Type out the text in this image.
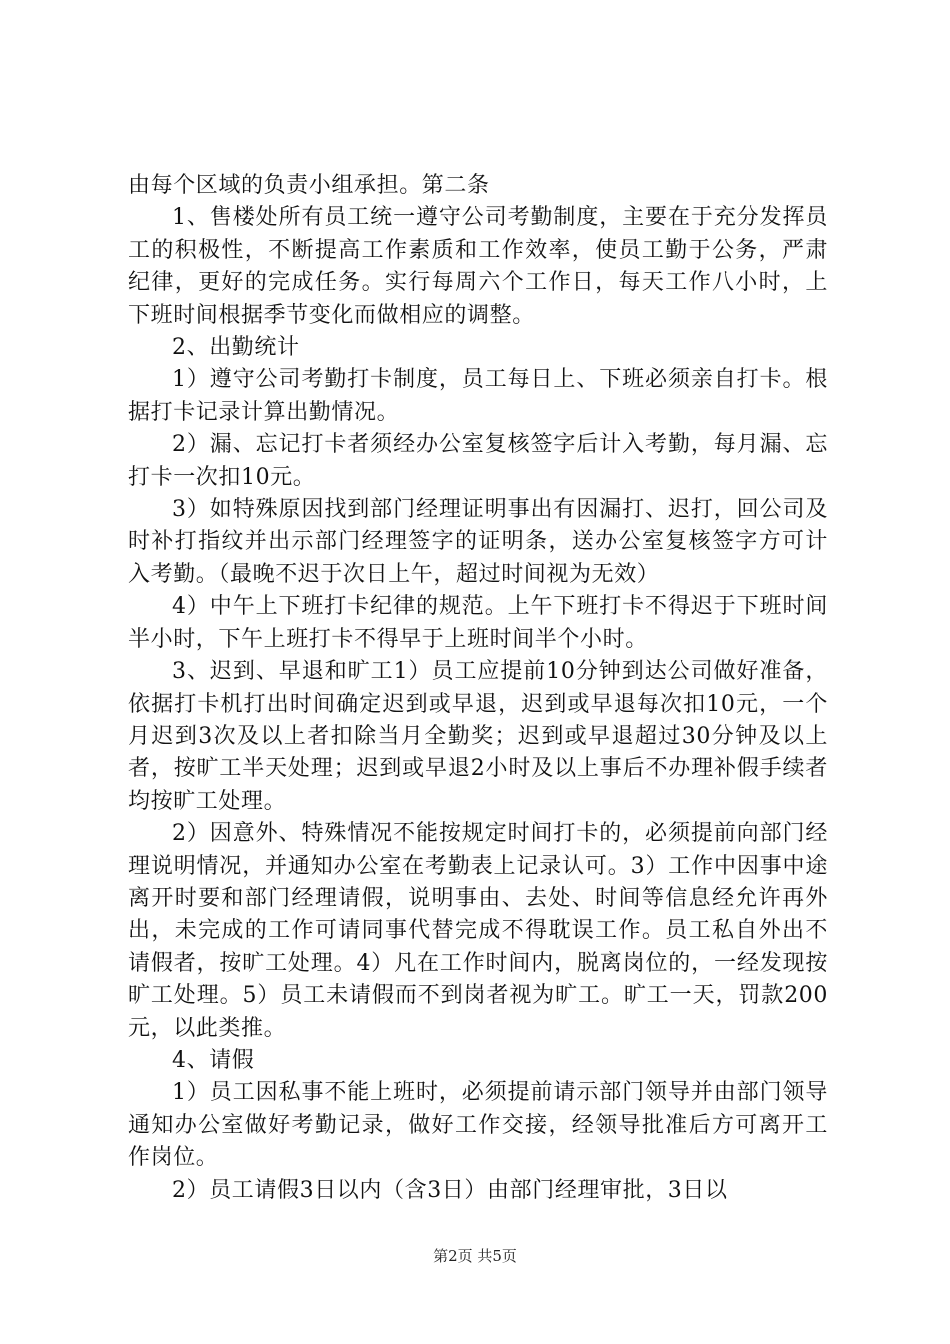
由每个区域的负责小组承担。第二条

1、售楼处所有员工统一遵守公司考勤制度，主要在于充分发挥员工的积极性，不断提高工作素质和工作效率，使员工勤于公务，严肃纪律，更好的完成任务。实行每周六个工作日，每天工作八小时，上下班时间根据季节变化而做相应的调整。

2、出勤统计

1）遵守公司考勤打卡制度，员工每日上、下班必须亲自打卡。根据打卡记录计算出勤情况。

2）漏、忘记打卡者须经办公室复核签字后计入考勤，每月漏、忘打卡一次扣10元。

3）如特殊原因找到部门经理证明事出有因漏打、迟打，回公司及时补打指纹并出示部门经理签字的证明条，送办公室复核签字方可计入考勤。（最晚不迟于次日上午，超过时间视为无效）

4）中午上下班打卡纪律的规范。上午下班打卡不得迟于下班时间半小时，下午上班打卡不得早于上班时间半个小时。

3、迟到、早退和旷工1）员工应提前10分钟到达公司做好准备，依据打卡机打出时间确定迟到或早退，迟到或早退每次扣10元，一个月迟到3次及以上者扣除当月全勤奖；迟到或早退超过30分钟及以上者，按旷工半天处理；迟到或早退2小时及以上事后不办理补假手续者均按旷工处理。

2）因意外、特殊情况不能按规定时间打卡的，必须提前向部门经理说明情况，并通知办公室在考勤表上记录认可。3）工作中因事中途离开时要和部门经理请假，说明事由、去处、时间等信息经允许再外出，未完成的工作可请同事代替完成不得耽误工作。员工私自外出不请假者，按旷工处理。4）凡在工作时间内，脱离岗位的，一经发现按旷工处理。5）员工未请假而不到岗者视为旷工。旷工一天，罚款200元，以此类推。

4、请假

1）员工因私事不能上班时，必须提前请示部门领导并由部门领导通知办公室做好考勤记录，做好工作交接，经领导批准后方可离开工作岗位。

2）员工请假3日以内（含3日）由部门经理审批，3日以

第2页 共5页
